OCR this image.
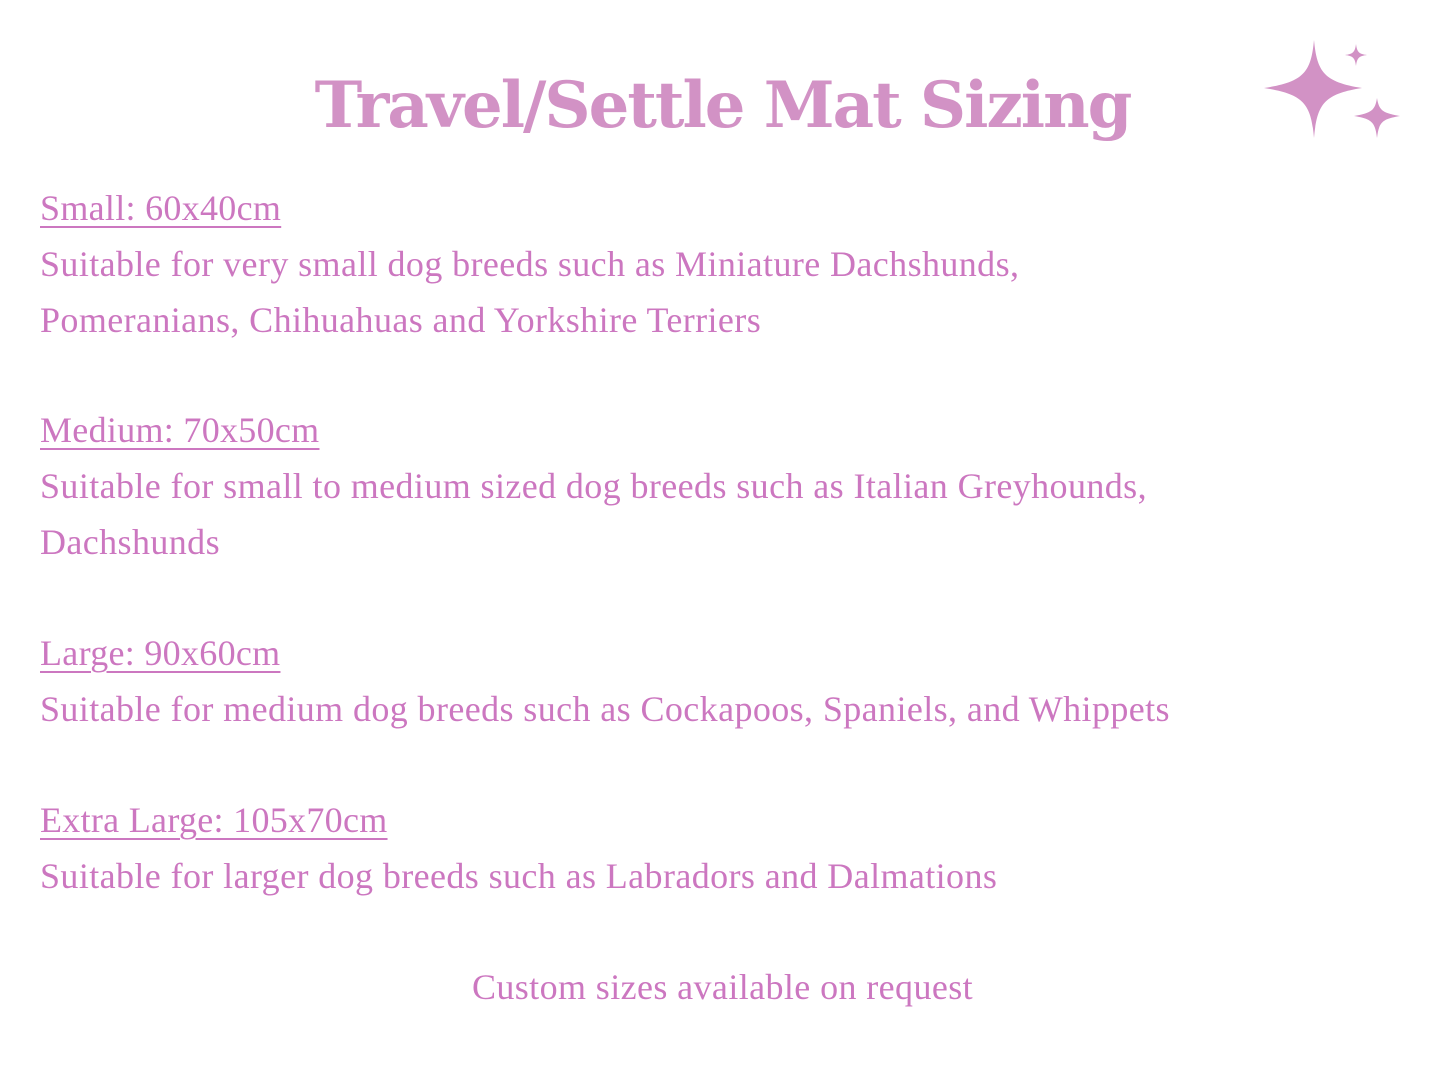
Travel/Settle Mat Sizing
Small: 60x40cm

Suitable for very small dog breeds such as Miniature Dachshunds,
Pomeranians, Chihuahuas and Yorkshire Terriers

Medium: 70x50cm

Suitable for small to medium sized dog breeds such as Italian Greyhounds,
Dachshunds

Large: 90x60cm

Suitable for medium dog breeds such as Cockapoos, Spaniels, and Whippets

Extra Large: 105x70cm

Suitable for larger dog breeds such as Labradors and Dalmations

Custom sizes available on request
